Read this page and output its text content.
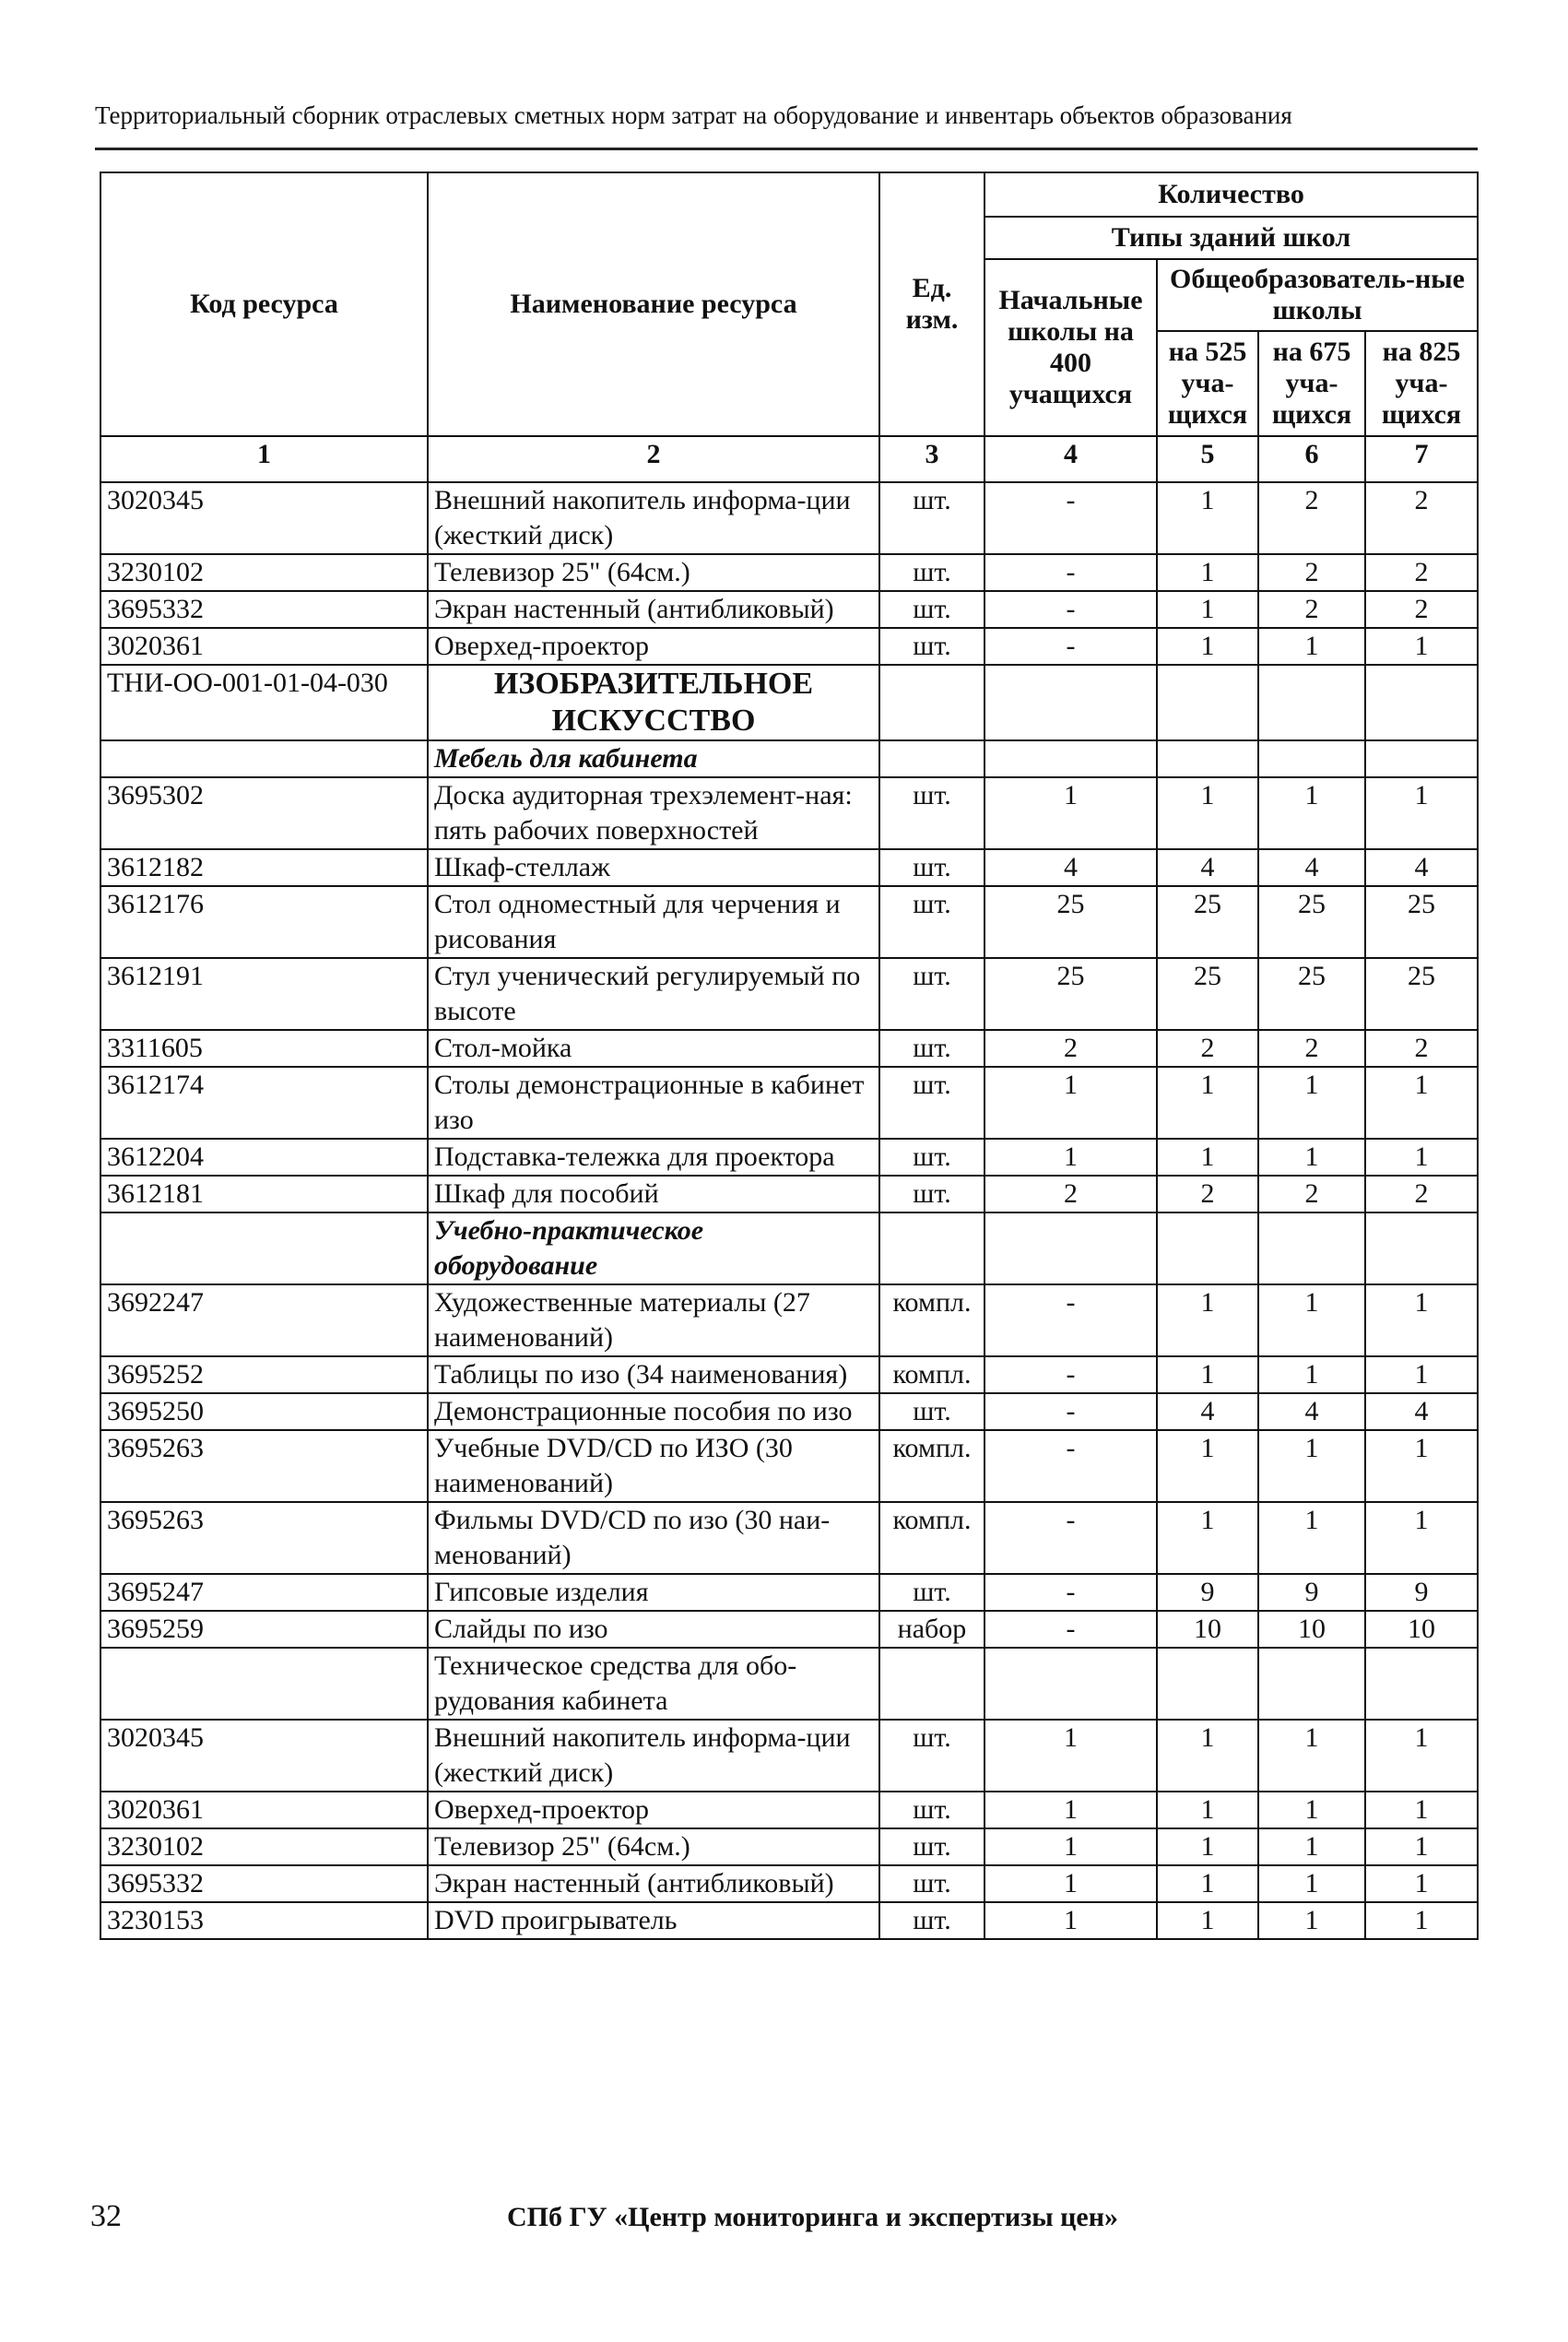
Территориальный сборник отраслевых сметных норм затрат на оборудование и инвентарь объектов образования
Код ресурса	Наименование ресурса	Ед. изм.	Количество			
			Типы зданий школ			
			Начальные школы на 400 учащихся	Общеобразователь-ные школы		
				на 525 уча-щихся	на 675 уча-щихся	на 825 уча-щихся
1	2	3	4	5	6	7
3020345	Внешний накопитель информа-ции (жесткий диск)	шт.	-	1	2	2
3230102	Телевизор 25" (64см.)	шт.	-	1	2	2
3695332	Экран настенный (антибликовый)	шт.	-	1	2	2
3020361	Оверхед-проектор	шт.	-	1	1	1
ТНИ-ОО-001-01-04-030	ИЗОБРАЗИТЕЛЬНОЕ ИСКУССТВО					
	Мебель для кабинета					
3695302	Доска аудиторная трехэлемент-ная: пять рабочих поверхностей	шт.	1	1	1	1
3612182	Шкаф-стеллаж	шт.	4	4	4	4
3612176	Стол одноместный для черчения и рисования	шт.	25	25	25	25
3612191	Стул ученический регулируемый по высоте	шт.	25	25	25	25
3311605	Стол-мойка	шт.	2	2	2	2
3612174	Столы демонстрационные в кабинет изо	шт.	1	1	1	1
3612204	Подставка-тележка для проектора	шт.	1	1	1	1
3612181	Шкаф для пособий	шт.	2	2	2	2
	Учебно-практическое оборудование					
3692247	Художественные материалы (27 наименований)	компл.	-	1	1	1
3695252	Таблицы по изо (34 наименования)	компл.	-	1	1	1
3695250	Демонстрационные пособия по изо	шт.	-	4	4	4
3695263	Учебные DVD/CD по ИЗО (30 наименований)	компл.	-	1	1	1
3695263	Фильмы DVD/CD по изо (30 наи-менований)	компл.	-	1	1	1
3695247	Гипсовые изделия	шт.	-	9	9	9
3695259	Слайды по изо	набор	-	10	10	10
	Техническое средства для обо-рудования кабинета					
3020345	Внешний накопитель информа-ции (жесткий диск)	шт.	1	1	1	1
3020361	Оверхед-проектор	шт.	1	1	1	1
3230102	Телевизор 25" (64см.)	шт.	1	1	1	1
3695332	Экран настенный (антибликовый)	шт.	1	1	1	1
3230153	DVD проигрыватель	шт.	1	1	1	1
32	СПб ГУ «Центр мониторинга и экспертизы цен»
